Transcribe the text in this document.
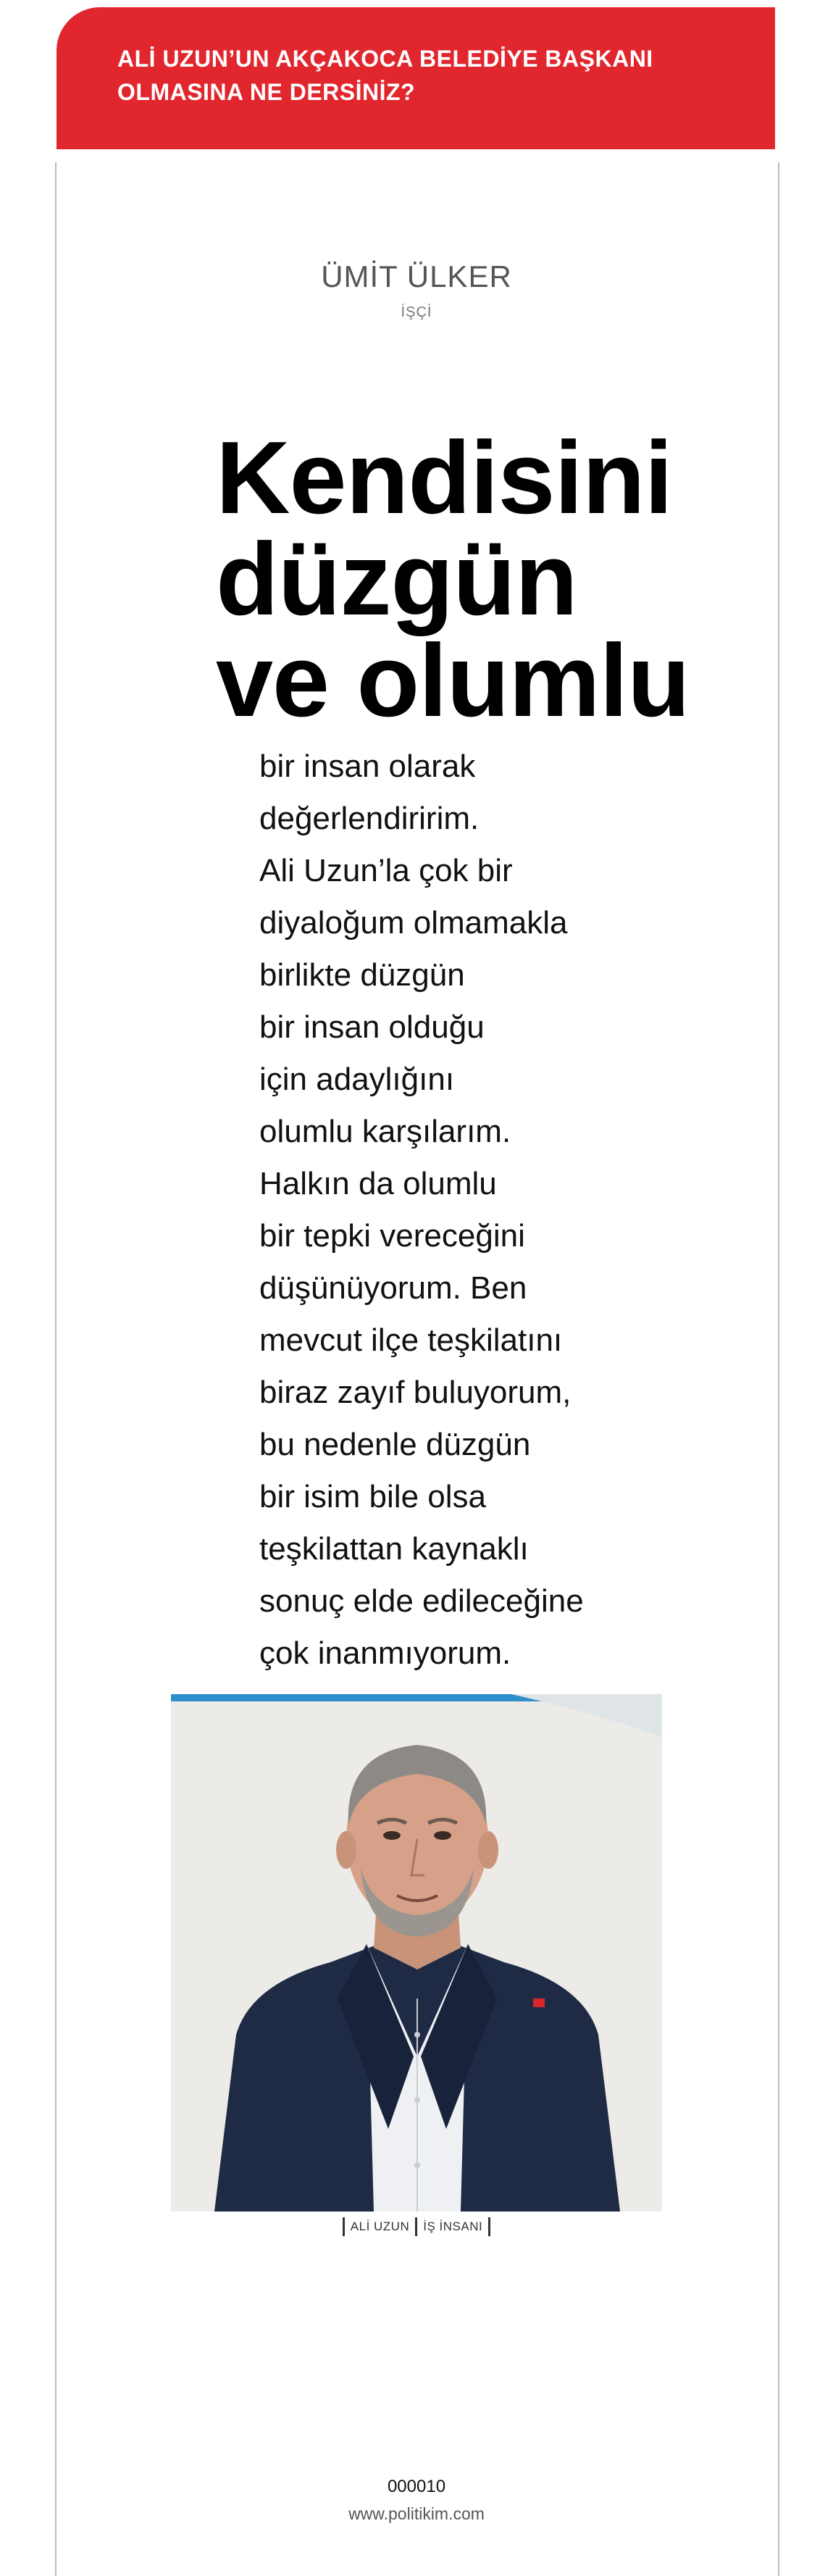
ALİ UZUN’UN AKÇAKOCA BELEDİYE BAŞKANI

OLMASINA NE DERSİNİZ?

ÜMİT ÜLKER
İŞÇİ
Kendisini
düzgün
ve olumlu

bir insan olarak

değerlendiririm.

Ali Uzun’la çok bir

diyaloğum olmamakla

birlikte düzgün

bir insan olduğu

için adaylığını

olumlu karşılarım.

Halkın da olumlu

bir tepki vereceğini

düşünüyorum. Ben

mevcut ilçe teşkilatını

biraz zayıf buluyorum,

bu nedenle düzgün

bir isim bile olsa

teşkilattan kaynaklı

sonuç elde edileceğine

çok inanmıyorum.

ALİ UZUN İŞ İNSANI
000010
www.politikim.com
